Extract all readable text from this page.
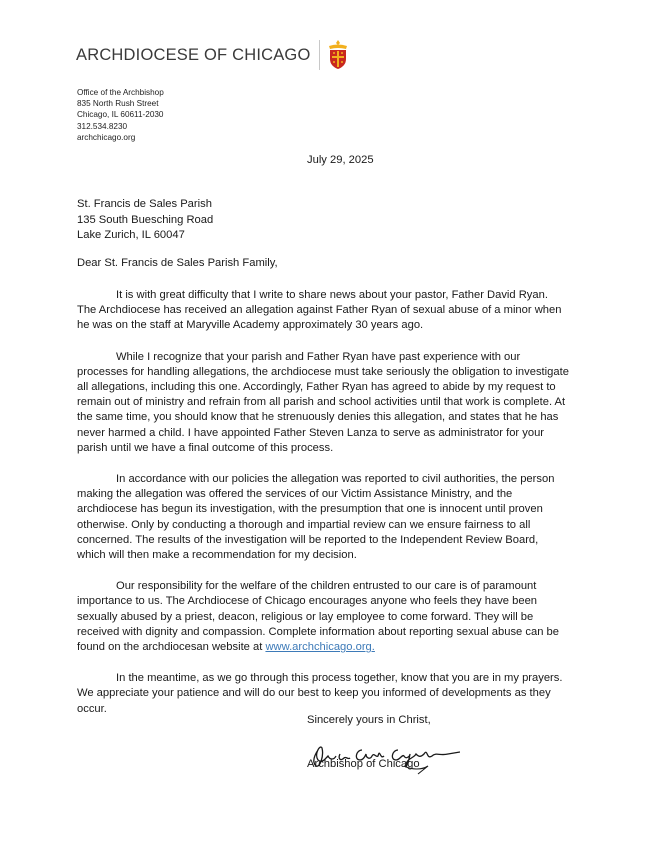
ARCHDIOCESE OF CHICAGO
Office of the Archbishop
835 North Rush Street
Chicago, IL 60611-2030
312.534.8230
archchicago.org
July 29, 2025
St. Francis de Sales Parish
135 South Buesching Road
Lake Zurich, IL 60047
Dear St. Francis de Sales Parish Family,

It is with great difficulty that I write to share news about your pastor, Father David Ryan. The Archdiocese has received an allegation against Father Ryan of sexual abuse of a minor when he was on the staff at Maryville Academy approximately 30 years ago.

While I recognize that your parish and Father Ryan have past experience with our processes for handling allegations, the archdiocese must take seriously the obligation to investigate all allegations, including this one. Accordingly, Father Ryan has agreed to abide by my request to remain out of ministry and refrain from all parish and school activities until that work is complete. At the same time, you should know that he strenuously denies this allegation, and states that he has never harmed a child. I have appointed Father Steven Lanza to serve as administrator for your parish until we have a final outcome of this process.

In accordance with our policies the allegation was reported to civil authorities, the person making the allegation was offered the services of our Victim Assistance Ministry, and the archdiocese has begun its investigation, with the presumption that one is innocent until proven otherwise. Only by conducting a thorough and impartial review can we ensure fairness to all concerned. The results of the investigation will be reported to the Independent Review Board, which will then make a recommendation for my decision.

Our responsibility for the welfare of the children entrusted to our care is of paramount importance to us. The Archdiocese of Chicago encourages anyone who feels they have been sexually abused by a priest, deacon, religious or lay employee to come forward. They will be received with dignity and compassion. Complete information about reporting sexual abuse can be found on the archdiocesan website at www.archchicago.org.

In the meantime, as we go through this process together, know that you are in my prayers. We appreciate your patience and will do our best to keep you informed of developments as they occur.

Sincerely yours in Christ,
Archbishop of Chicago
